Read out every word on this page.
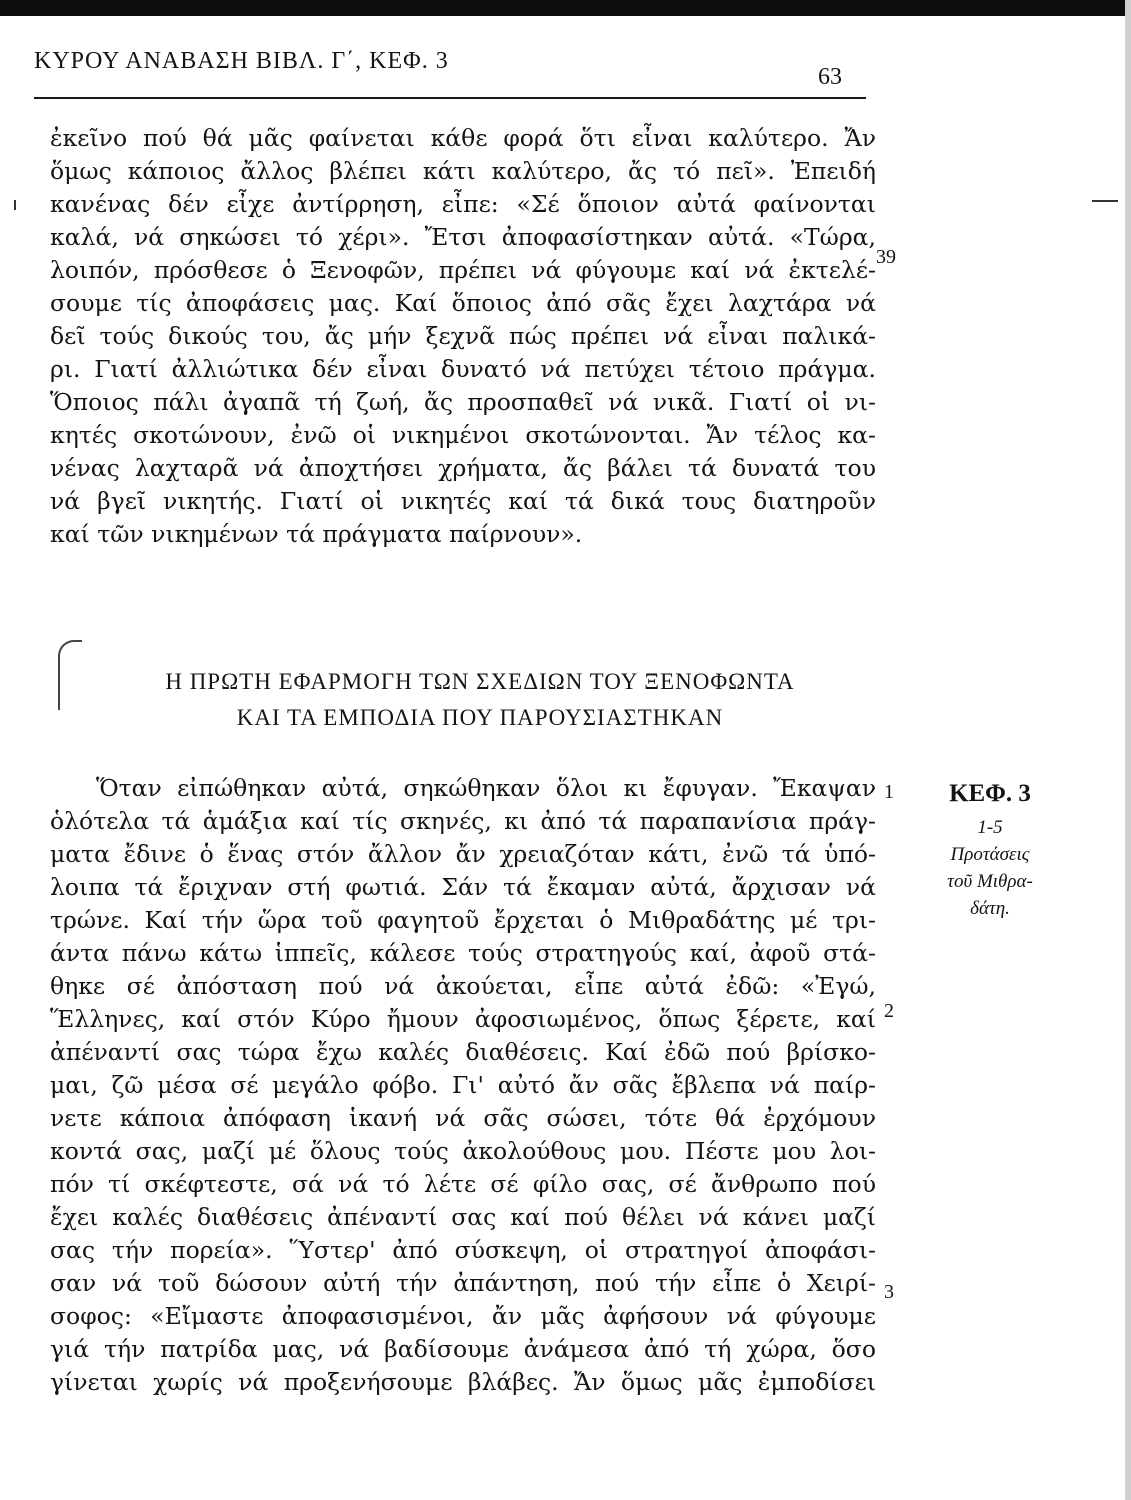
ΚΥΡΟΥ ΑΝΑΒΑΣΗ ΒΙΒΛ. Γ΄, ΚΕΦ. 3
63
ἐκεῖνο πού θά μᾶς φαίνεται κάθε φορά ὅτι εἶναι καλύτερο. Ἄν
ὅμως κάποιος ἄλλος βλέπει κάτι καλύτερο, ἄς τό πεῖ». Ἐπειδή
κανένας δέν εἶχε ἀντίρρηση, εἶπε: «Σέ ὅποιον αὐτά φαίνονται
καλά, νά σηκώσει τό χέρι». Ἔτσι ἀποφασίστηκαν αὐτά. «Τώρα,
λοιπόν, πρόσθεσε ὁ Ξενοφῶν, πρέπει νά φύγουμε καί νά ἐκτελέ-
σουμε τίς ἀποφάσεις μας. Καί ὅποιος ἀπό σᾶς ἔχει λαχτάρα νά
δεῖ τούς δικούς του, ἄς μήν ξεχνᾶ πώς πρέπει νά εἶναι παλικά-
ρι. Γιατί ἀλλιώτικα δέν εἶναι δυνατό νά πετύχει τέτοιο πράγμα.
Ὅποιος πάλι ἀγαπᾶ τή ζωή, ἄς προσπαθεῖ νά νικᾶ. Γιατί οἱ νι-
κητές σκοτώνουν, ἐνῶ οἱ νικημένοι σκοτώνονται. Ἄν τέλος κα-
νένας λαχταρᾶ νά ἀποχτήσει χρήματα, ἄς βάλει τά δυνατά του
νά βγεῖ νικητής. Γιατί οἱ νικητές καί τά δικά τους διατηροῦν
καί τῶν νικημένων τά πράγματα παίρνουν».
39
Η ΠΡΩΤΗ ΕΦΑΡΜΟΓΗ ΤΩΝ ΣΧΕΔΙΩΝ ΤΟΥ ΞΕΝΟΦΩΝΤΑ
ΚΑΙ ΤΑ ΕΜΠΟΔΙΑ ΠΟΥ ΠΑΡΟΥΣΙΑΣΤΗΚΑΝ
Ὅταν εἰπώθηκαν αὐτά, σηκώθηκαν ὅλοι κι ἔφυγαν. Ἔκαψαν
ὁλότελα τά ἁμάξια καί τίς σκηνές, κι ἀπό τά παραπανίσια πράγ-
ματα ἔδινε ὁ ἕνας στόν ἄλλον ἄν χρειαζόταν κάτι, ἐνῶ τά ὑπό-
λοιπα τά ἔριχναν στή φωτιά. Σάν τά ἔκαμαν αὐτά, ἄρχισαν νά
τρώνε. Καί τήν ὥρα τοῦ φαγητοῦ ἔρχεται ὁ Μιθραδάτης μέ τρι-
άντα πάνω κάτω ἱππεῖς, κάλεσε τούς στρατηγούς καί, ἀφοῦ στά-
θηκε σέ ἀπόσταση πού νά ἀκούεται, εἶπε αὐτά ἐδῶ: «Ἐγώ,
Ἕλληνες, καί στόν Κύρο ἤμουν ἀφοσιωμένος, ὅπως ξέρετε, καί
ἀπέναντί σας τώρα ἔχω καλές διαθέσεις. Καί ἐδῶ πού βρίσκο-
μαι, ζῶ μέσα σέ μεγάλο φόβο. Γι' αὐτό ἄν σᾶς ἔβλεπα νά παίρ-
νετε κάποια ἀπόφαση ἱκανή νά σᾶς σώσει, τότε θά ἐρχόμουν
κοντά σας, μαζί μέ ὅλους τούς ἀκολούθους μου. Πέστε μου λοι-
πόν τί σκέφτεστε, σά νά τό λέτε σέ φίλο σας, σέ ἄνθρωπο πού
ἔχει καλές διαθέσεις ἀπέναντί σας καί πού θέλει νά κάνει μαζί
σας τήν πορεία». Ὕστερ' ἀπό σύσκεψη, οἱ στρατηγοί ἀποφάσι-
σαν νά τοῦ δώσουν αὐτή τήν ἀπάντηση, πού τήν εἶπε ὁ Χειρί-
σοφος: «Εἴμαστε ἀποφασισμένοι, ἄν μᾶς ἀφήσουν νά φύγουμε
γιά τήν πατρίδα μας, νά βαδίσουμε ἀνάμεσα ἀπό τή χώρα, ὅσο
γίνεται χωρίς νά προξενήσουμε βλάβες. Ἄν ὅμως μᾶς ἐμποδίσει
1
2
3
ΚΕΦ. 3
1-5
Προτάσεις
τοῦ Μιθρα-
δάτη.
